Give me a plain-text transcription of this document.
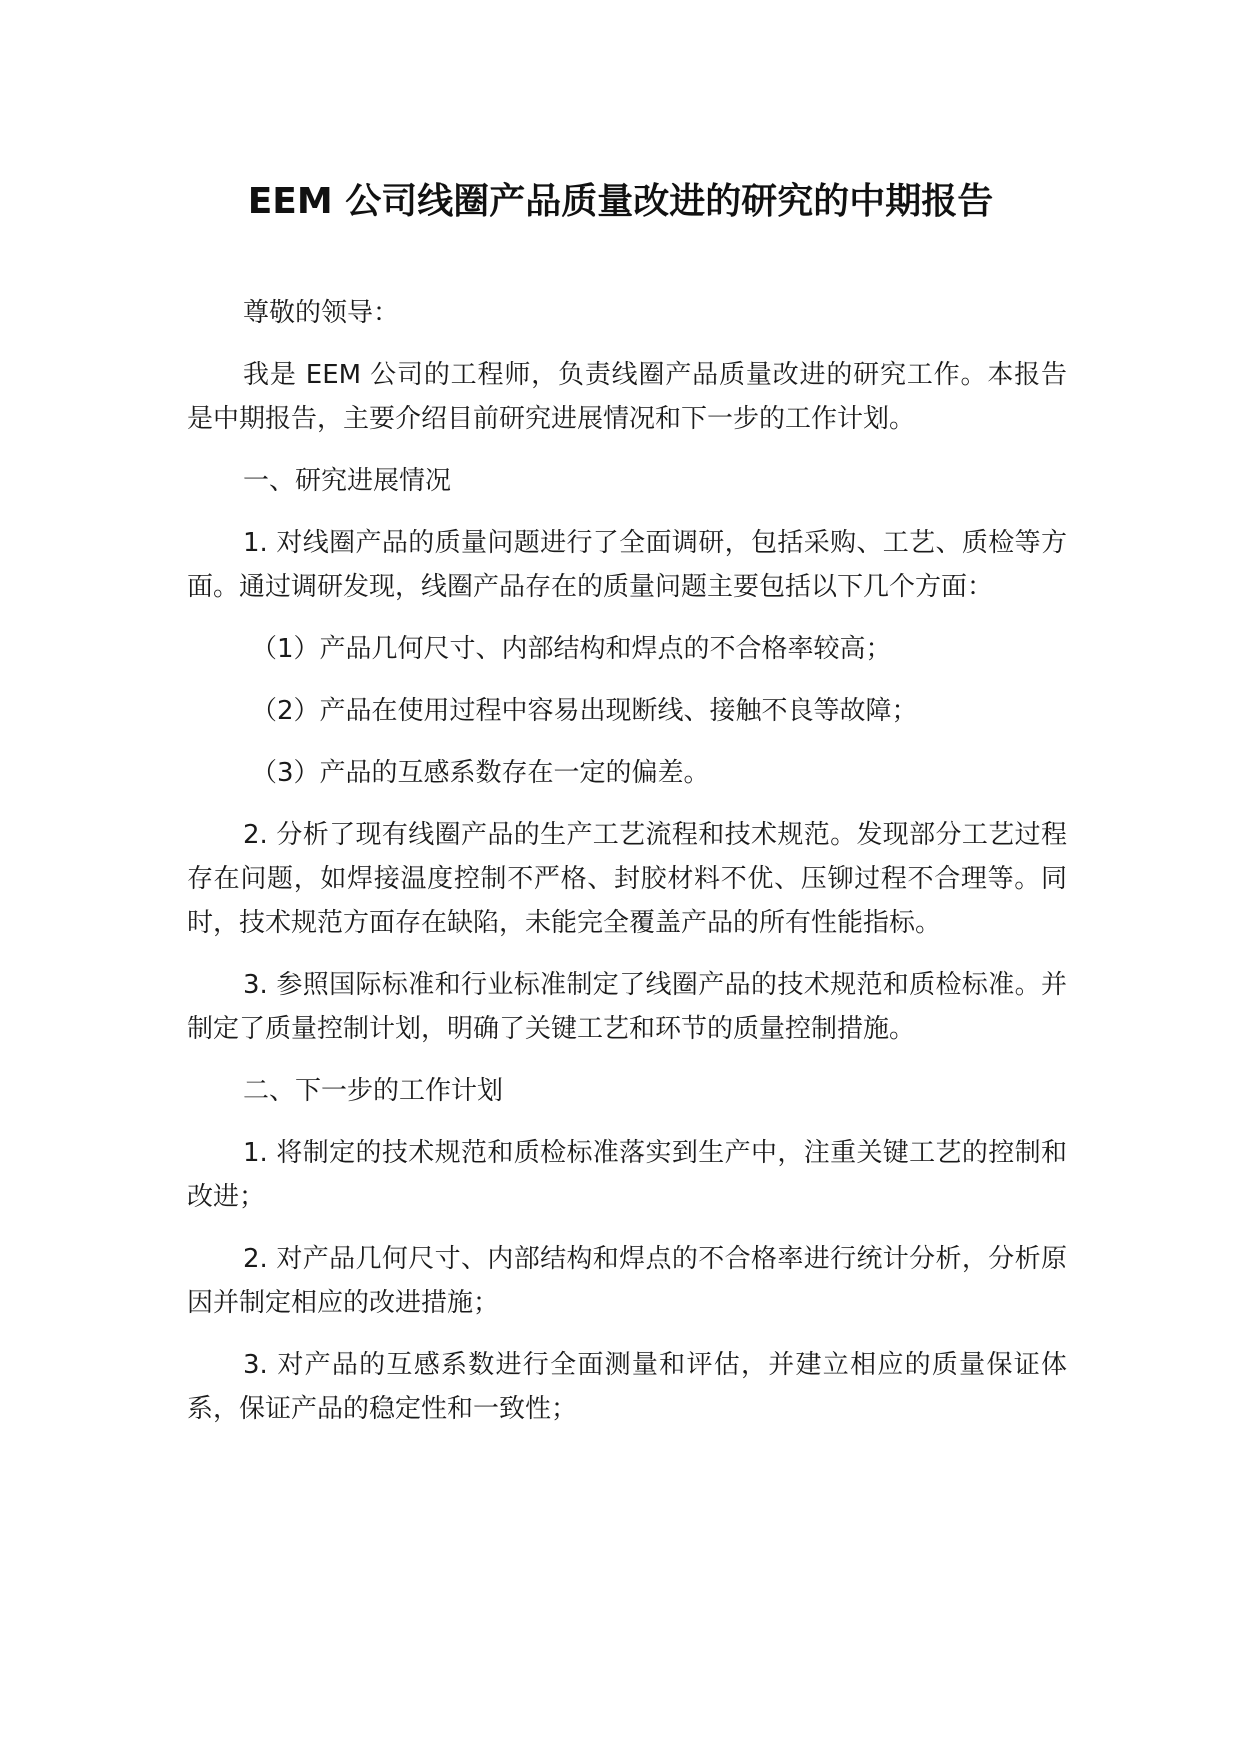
EEM 公司线圈产品质量改进的研究的中期报告

尊敬的领导：

我是 EEM 公司的工程师，负责线圈产品质量改进的研究工作。本报告是中期报告，主要介绍目前研究进展情况和下一步的工作计划。

一、研究进展情况

1. 对线圈产品的质量问题进行了全面调研，包括采购、工艺、质检等方面。通过调研发现，线圈产品存在的质量问题主要包括以下几个方面：

（1）产品几何尺寸、内部结构和焊点的不合格率较高；

（2）产品在使用过程中容易出现断线、接触不良等故障；

（3）产品的互感系数存在一定的偏差。

2. 分析了现有线圈产品的生产工艺流程和技术规范。发现部分工艺过程存在问题，如焊接温度控制不严格、封胶材料不优、压铆过程不合理等。同时，技术规范方面存在缺陷，未能完全覆盖产品的所有性能指标。

3. 参照国际标准和行业标准制定了线圈产品的技术规范和质检标准。并制定了质量控制计划，明确了关键工艺和环节的质量控制措施。

二、下一步的工作计划

1. 将制定的技术规范和质检标准落实到生产中，注重关键工艺的控制和改进；

2. 对产品几何尺寸、内部结构和焊点的不合格率进行统计分析，分析原因并制定相应的改进措施；

3. 对产品的互感系数进行全面测量和评估，并建立相应的质量保证体系，保证产品的稳定性和一致性；
